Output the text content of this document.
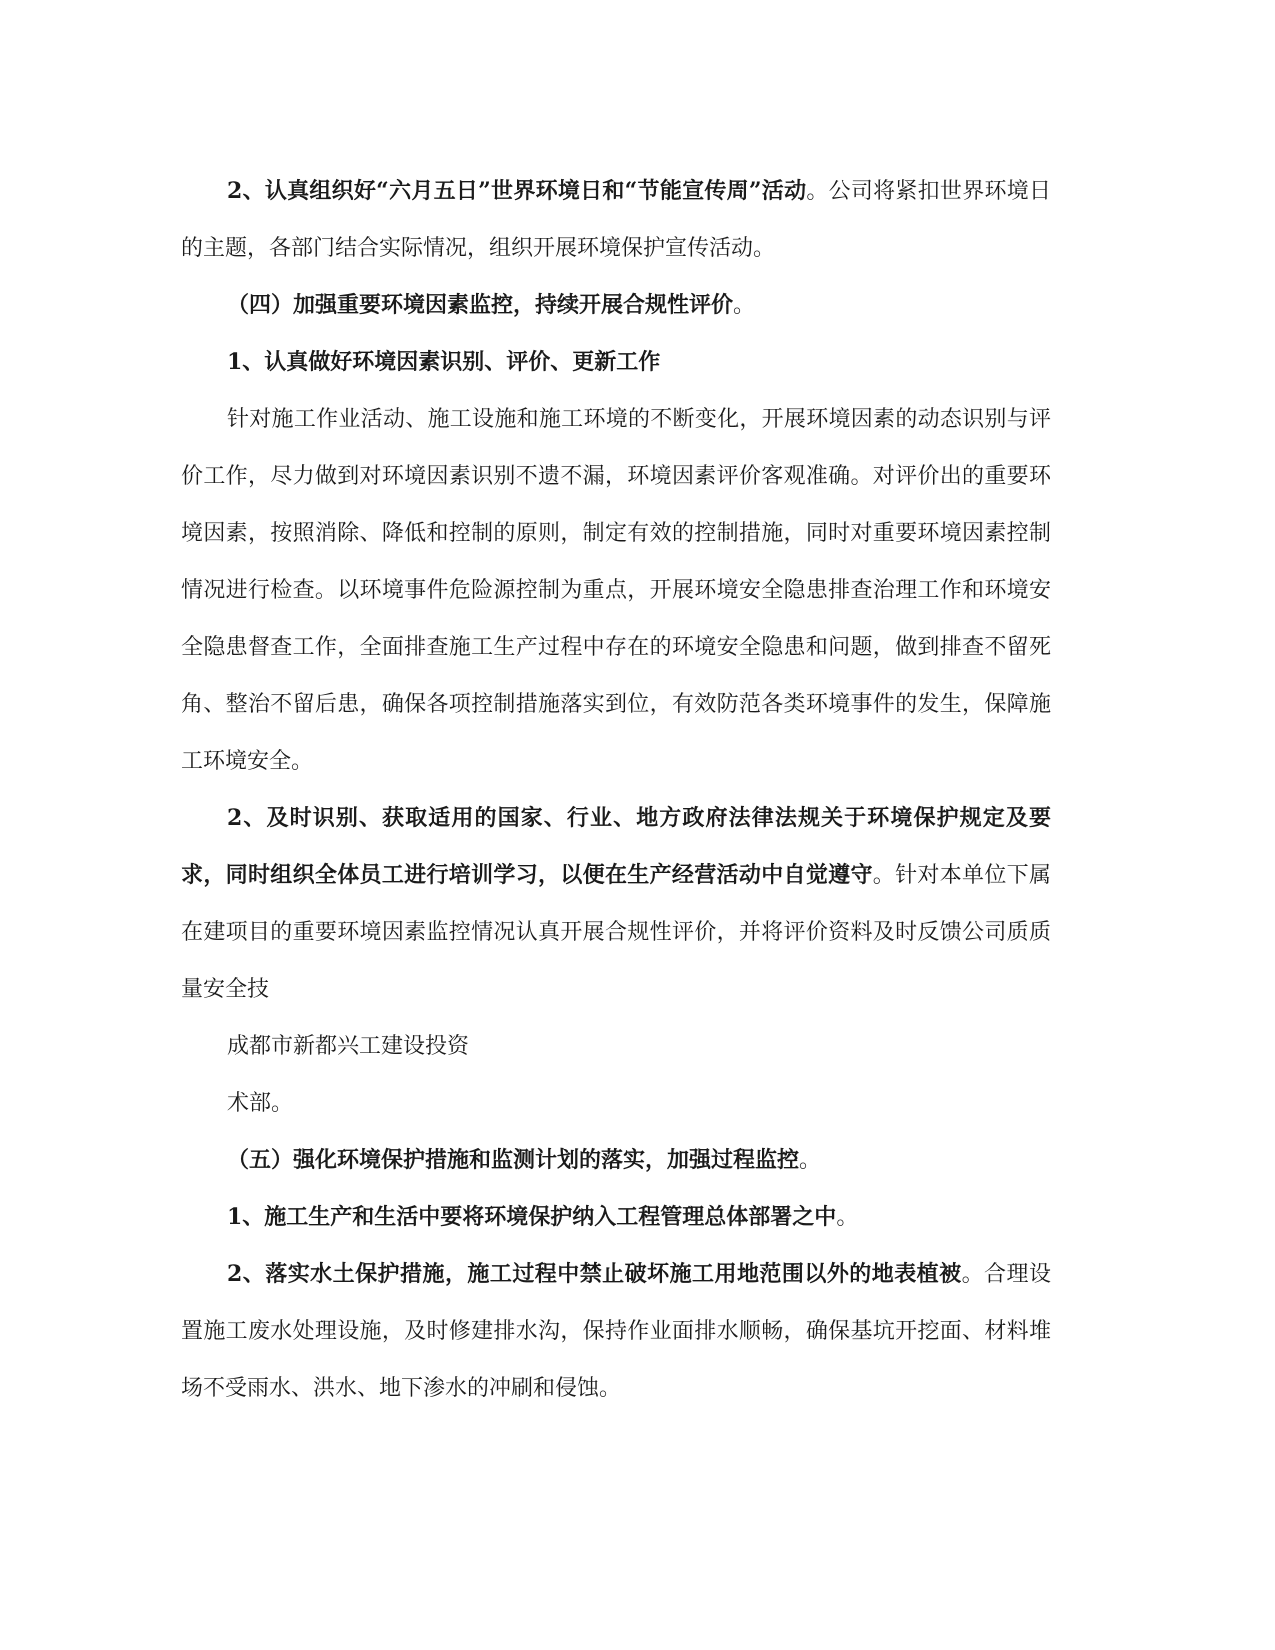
2、认真组织好“六月五日”世界环境日和“节能宣传周”活动。公司将紧扣世界环境日的主题，各部门结合实际情况，组织开展环境保护宣传活动。

（四）加强重要环境因素监控，持续开展合规性评价。

1、认真做好环境因素识别、评价、更新工作

针对施工作业活动、施工设施和施工环境的不断变化，开展环境因素的动态识别与评价工作，尽力做到对环境因素识别不遗不漏，环境因素评价客观准确。对评价出的重要环境因素，按照消除、降低和控制的原则，制定有效的控制措施，同时对重要环境因素控制情况进行检查。以环境事件危险源控制为重点，开展环境安全隐患排查治理工作和环境安全隐患督查工作，全面排查施工生产过程中存在的环境安全隐患和问题，做到排查不留死角、整治不留后患，确保各项控制措施落实到位，有效防范各类环境事件的发生，保障施工环境安全。

2、及时识别、获取适用的国家、行业、地方政府法律法规关于环境保护规定及要求，同时组织全体员工进行培训学习，以便在生产经营活动中自觉遵守。针对本单位下属在建项目的重要环境因素监控情况认真开展合规性评价，并将评价资料及时反馈公司质质量安全技

成都市新都兴工建设投资

术部。

（五）强化环境保护措施和监测计划的落实，加强过程监控。

1、施工生产和生活中要将环境保护纳入工程管理总体部署之中。

2、落实水土保护措施，施工过程中禁止破坏施工用地范围以外的地表植被。合理设置施工废水处理设施，及时修建排水沟，保持作业面排水顺畅，确保基坑开挖面、材料堆场不受雨水、洪水、地下渗水的冲刷和侵蚀。
